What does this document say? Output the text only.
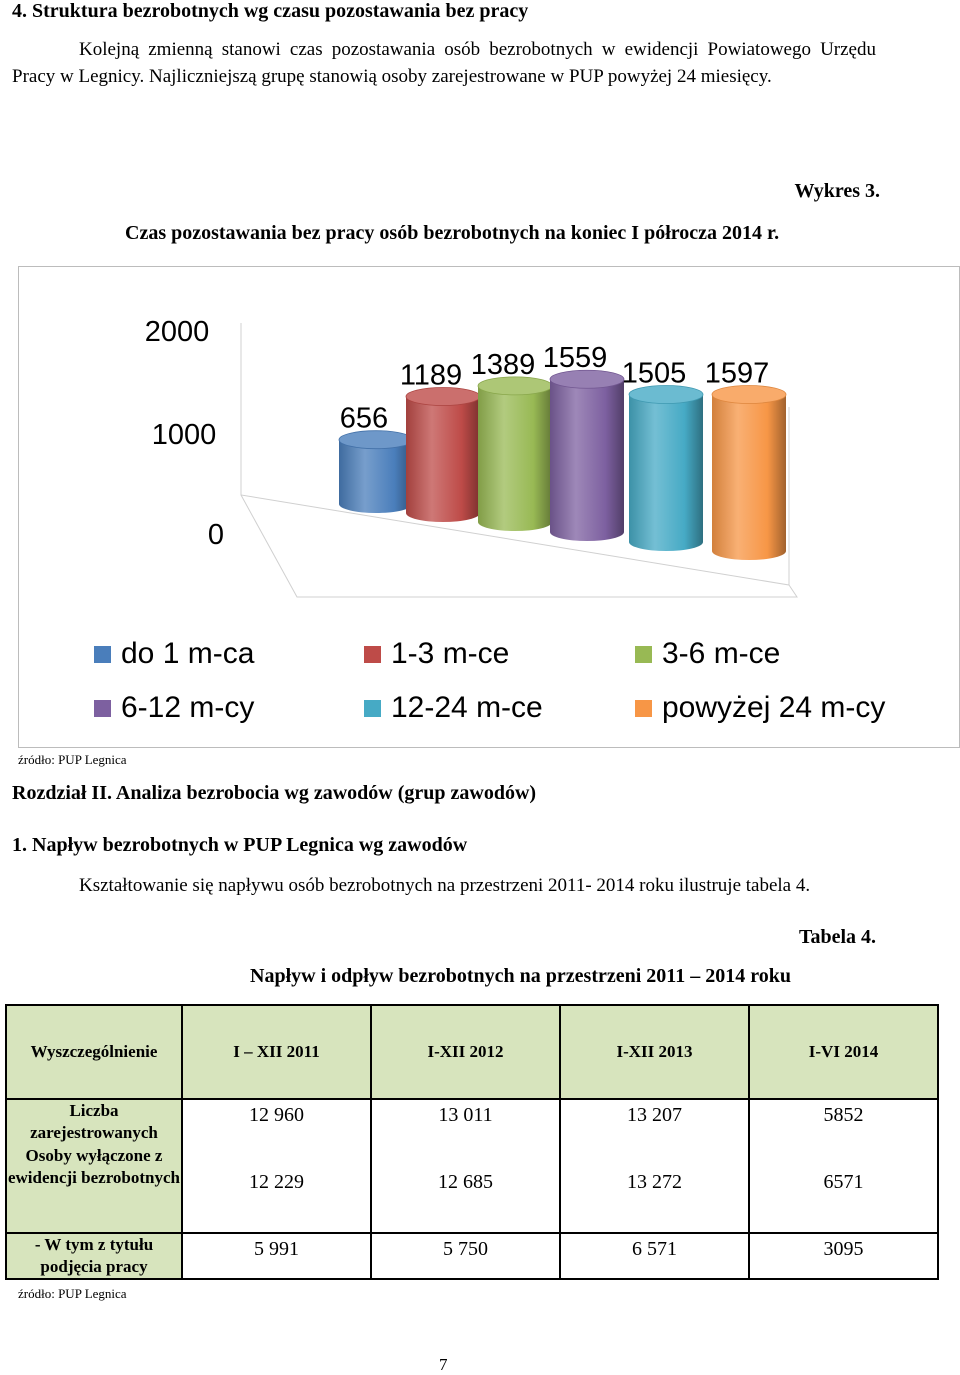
4. Struktura bezrobotnych wg czasu pozostawania bez pracy
Kolejną zmienną stanowi czas pozostawania osób bezrobotnych w ewidencji Powiatowego Urzędu Pracy w Legnicy. Najliczniejszą grupę stanowią osoby zarejestrowane w PUP powyżej 24 miesięcy.
Wykres 3.
Czas pozostawania bez pracy osób bezrobotnych na koniec I półrocza 2014 r.
2000
1000
0
656
1189 1389 1559 1505 1597
do 1 m-ca	1-3 m-ce	3-6 m-ce
6-12 m-cy	12-24 m-ce	powyżej 24 m-cy
źródło: PUP Legnica
Rozdział II. Analiza bezrobocia wg zawodów (grup zawodów)
1. Napływ bezrobotnych w PUP Legnica wg zawodów
Kształtowanie się napływu osób bezrobotnych na przestrzeni 2011- 2014 roku ilustruje tabela 4.
Tabela 4.
Napływ i odpływ bezrobotnych na przestrzeni 2011 – 2014 roku
Wyszczególnienie	I – XII 2011	I-XII 2012	I-XII 2013	I-VI 2014
Liczba zarejestrowanych	12 960	13 011	13 207	5852
Osoby wyłączone z ewidencji bezrobotnych	12 229	12 685	13 272	6571
- W tym z tytułu podjęcia pracy	5 991	5 750	6 571	3095
źródło: PUP Legnica
7
